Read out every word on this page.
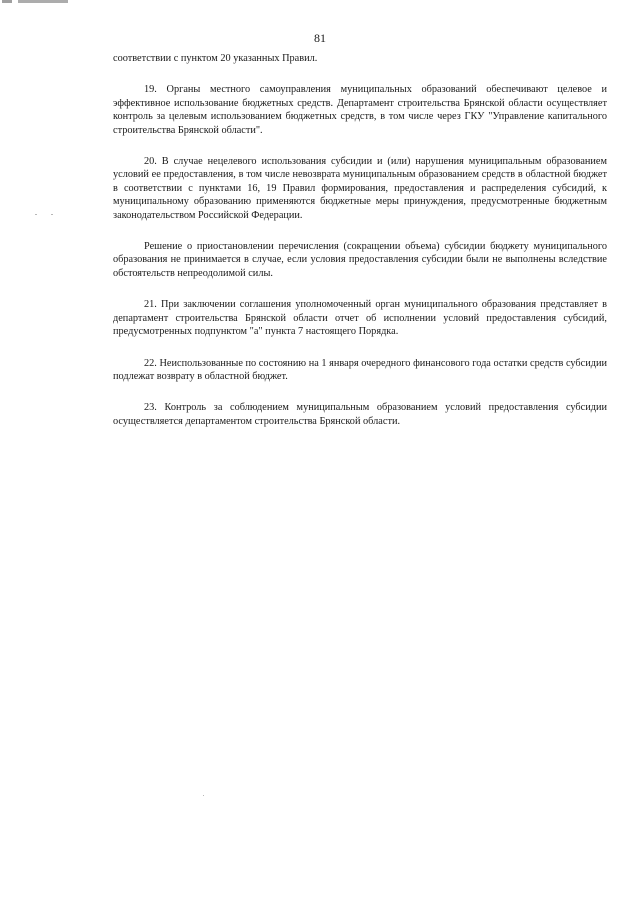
81

соответствии с пунктом 20 указанных Правил.

19. Органы местного самоуправления муниципальных образований обеспечивают целевое и эффективное использование бюджетных средств. Департамент строительства Брянской области осуществляет контроль за целевым использованием бюджетных средств, в том числе через ГКУ "Управление капитального строительства Брянской области".

20. В случае нецелевого использования субсидии и (или) нарушения муниципальным образованием условий ее предоставления, в том числе невозврата муниципальным образованием средств в областной бюджет в соответствии с пунктами 16, 19 Правил формирования, предоставления и распределения субсидий, к муниципальному образованию применяются бюджетные меры принуждения, предусмотренные бюджетным законодательством Российской Федерации.

Решение о приостановлении перечисления (сокращении объема) субсидии бюджету муниципального образования не принимается в случае, если условия предоставления субсидии были не выполнены вследствие обстоятельств непреодолимой силы.

21. При заключении соглашения уполномоченный орган муниципального образования представляет в департамент строительства Брянской области отчет об исполнении условий предоставления субсидий, предусмотренных подпунктом "а" пункта 7 настоящего Порядка.

22. Неиспользованные по состоянию на 1 января очередного финансового года остатки средств субсидии подлежат возврату в областной бюджет.

23. Контроль за соблюдением муниципальным образованием условий предоставления субсидии осуществляется департаментом строительства Брянской области.
